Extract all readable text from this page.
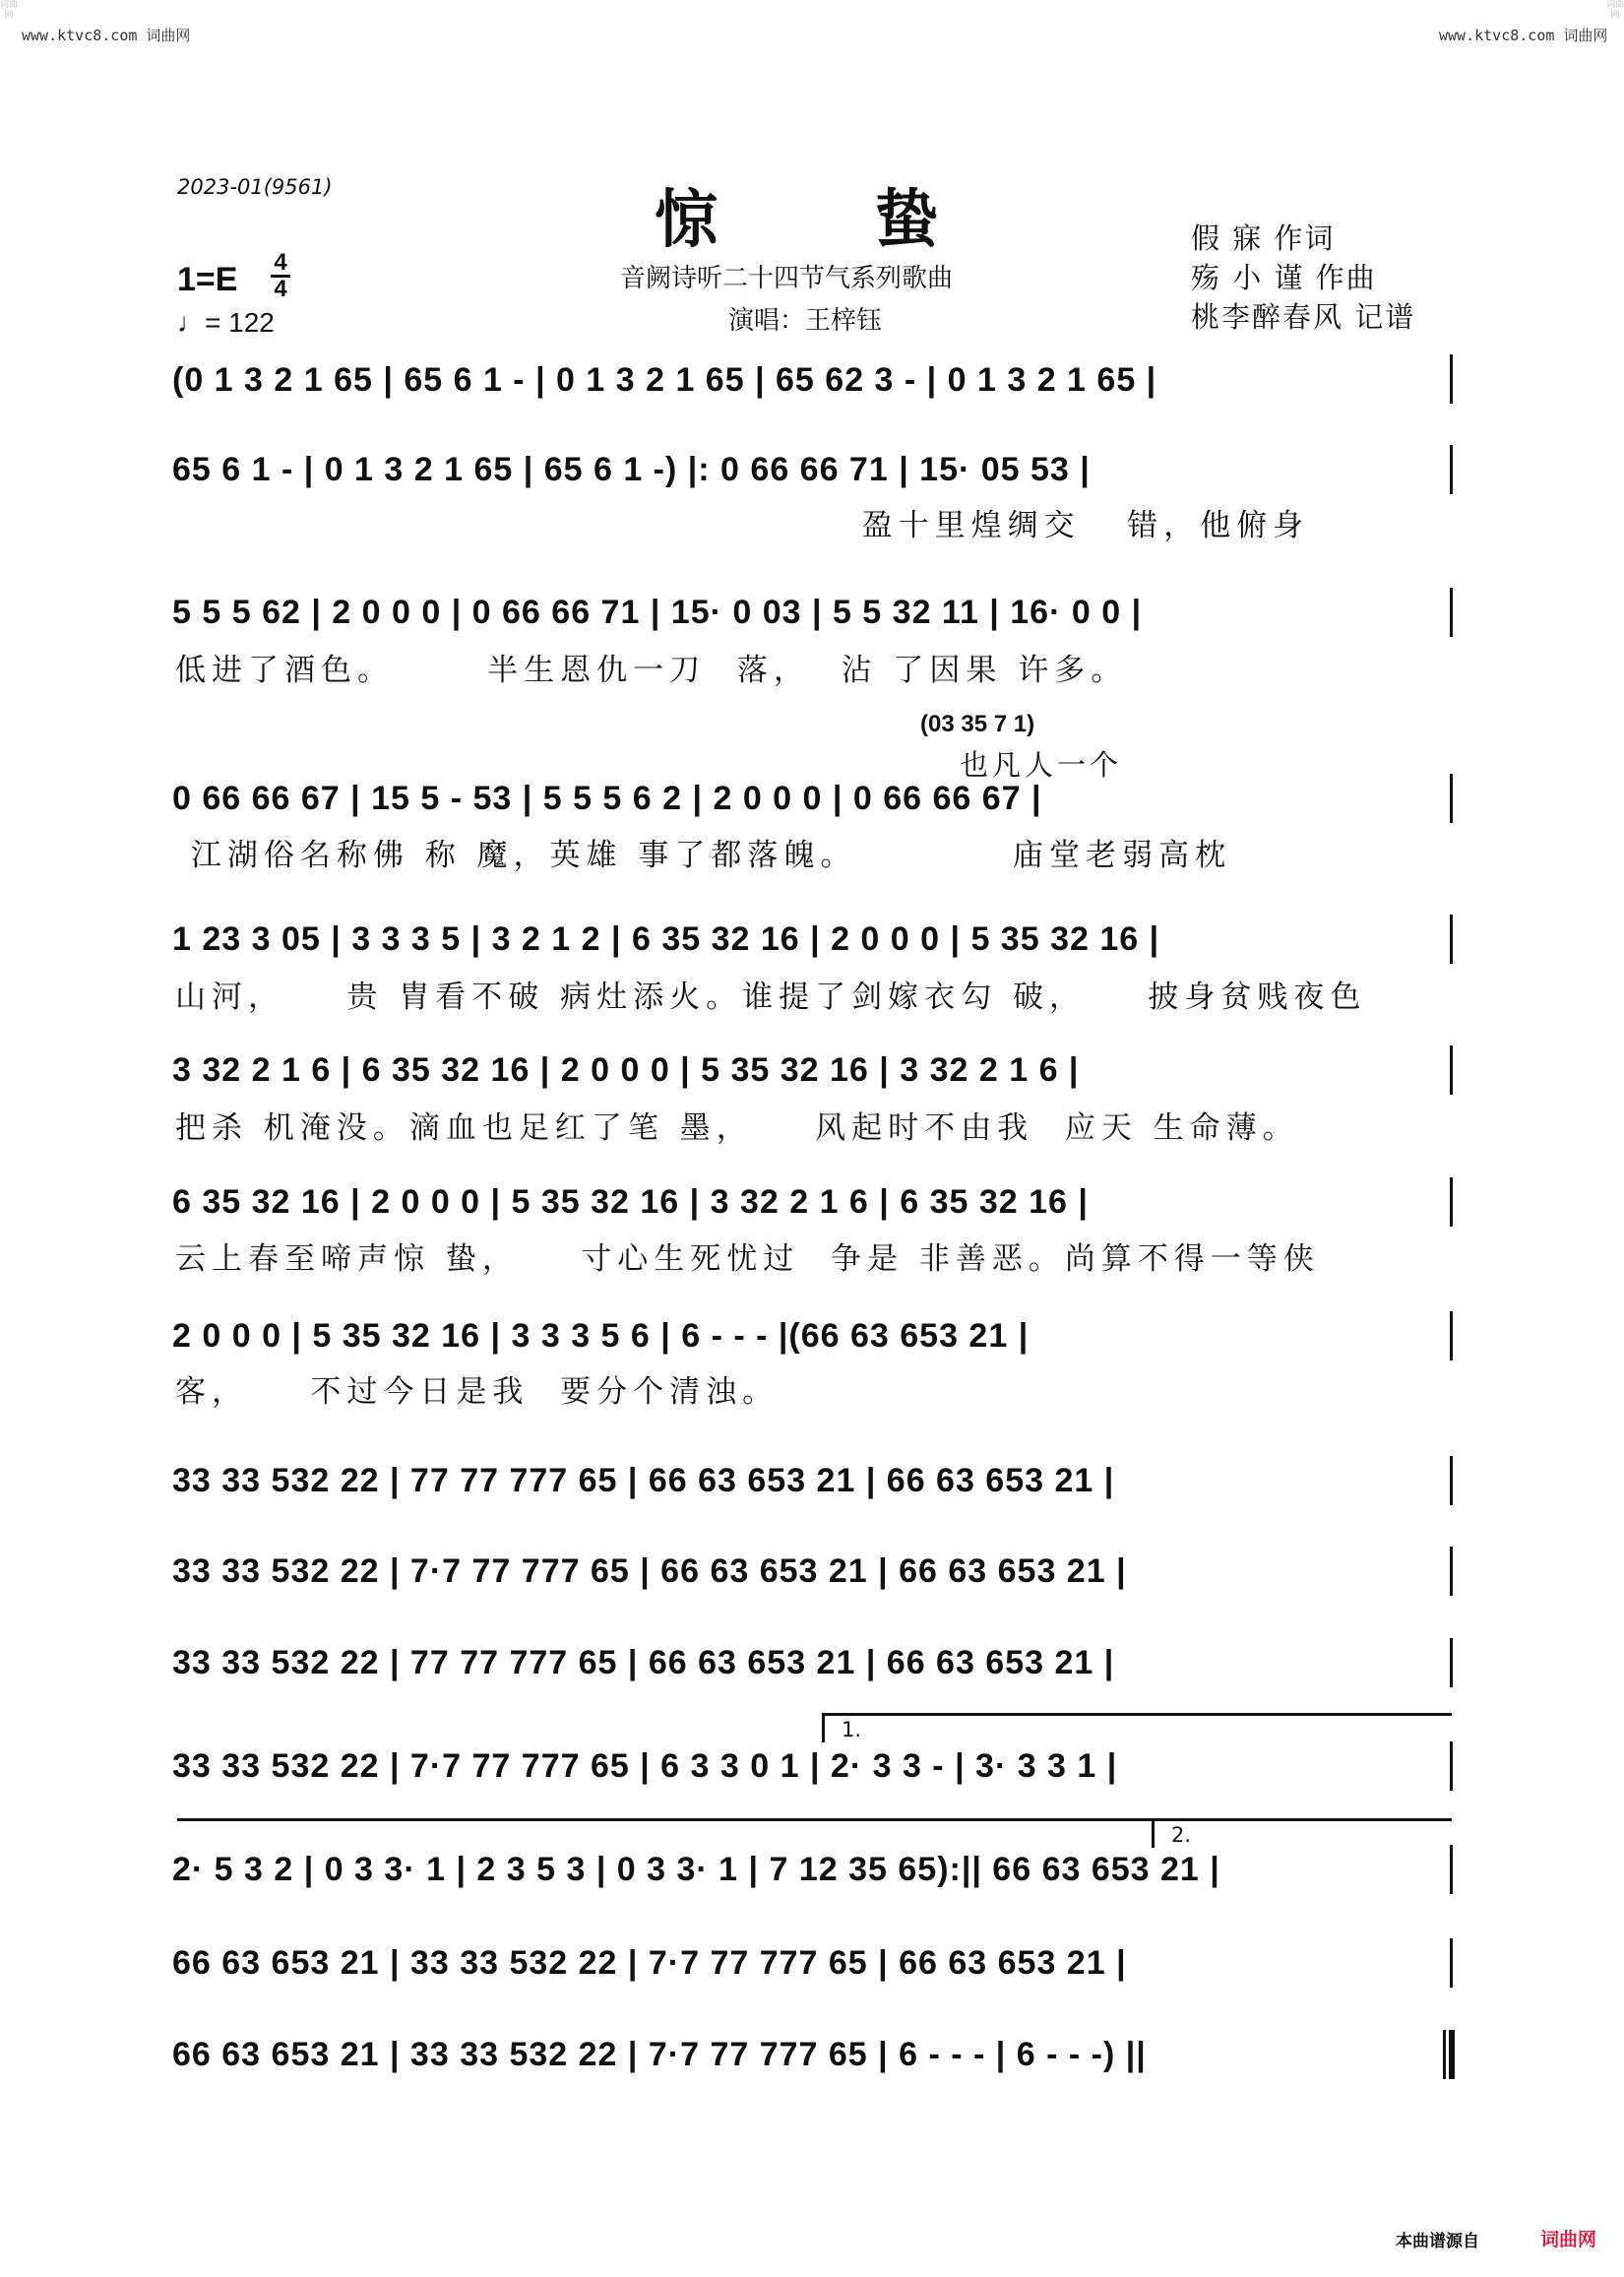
www.ktvc8.com 词曲网	www.ktvc8.com 词曲网
词曲网
词曲网
2023-01(9561)	惊蛰
音阙诗听二十四节气系列歌曲
演唱：王梓钰
假 寐 作词
殇 小 谨 作曲
桃李醉春风 记谱
1=E 4
4
♩= 122
(0 1 3 2 1 65 | 65 6 1 - | 0 1 3 2 1 65 | 65 62 3 - | 0 1 3 2 1 65 |
65 6 1 - | 0 1 3 2 1 65 | 65 6 1 -) |: 0 66 66 71 | 15· 05 53 |
盈十里煌绸交   错，他俯身
5 5 5 62 | 2 0 0 0 | 0 66 66 71 | 15· 0 03 | 5 5 32 11 | 16· 0 0 |
低进了酒色。      半生恩仇一刀  落，  沾 了因果 许多。
(03 35 7 1)
也凡人一个
0 66 66 67 | 15 5 - 53 | 5 5 5 6 2 | 2 0 0 0 | 0 66 66 67 |
江湖俗名称佛 称 魔，英雄 事了都落魄。          庙堂老弱高枕
1 23 3 05 | 3 3 3 5 | 3 2 1 2 | 6 35 32 16 | 2 0 0 0 | 5 35 32 16 |
山河，    贵 胄看不破 病灶添火。谁提了剑嫁衣勾 破，    披身贫贱夜色
3 32 2 1 6 | 6 35 32 16 | 2 0 0 0 | 5 35 32 16 | 3 32 2 1 6 |
把杀 机淹没。滴血也足红了笔 墨，    风起时不由我  应天 生命薄。
6 35 32 16 | 2 0 0 0 | 5 35 32 16 | 3 32 2 1 6 | 6 35 32 16 |
云上春至啼声惊 蛰，    寸心生死忧过  争是 非善恶。尚算不得一等侠
2 0 0 0 | 5 35 32 16 | 3 3 3 5 6 | 6 - - - |(66 63 653 21 |
客，    不过今日是我  要分个清浊。
33 33 532 22 | 77 77 777 65 | 66 63 653 21 | 66 63 653 21 |
33 33 532 22 | 7·7 77 777 65 | 66 63 653 21 | 66 63 653 21 |
33 33 532 22 | 77 77 777 65 | 66 63 653 21 | 66 63 653 21 |
1.
33 33 532 22 | 7·7 77 777 65 | 6 3 3 0 1 | 2· 3 3 - | 3· 3 3 1 |
2.
2· 5 3 2 | 0 3 3· 1 | 2 3 5 3 | 0 3 3· 1 | 7 12 35 65):|| 66 63 653 21 |
66 63 653 21 | 33 33 532 22 | 7·7 77 777 65 | 66 63 653 21 |
66 63 653 21 | 33 33 532 22 | 7·7 77 777 65 | 6 - - - | 6 - - -) ||
本曲谱源自	词曲网
